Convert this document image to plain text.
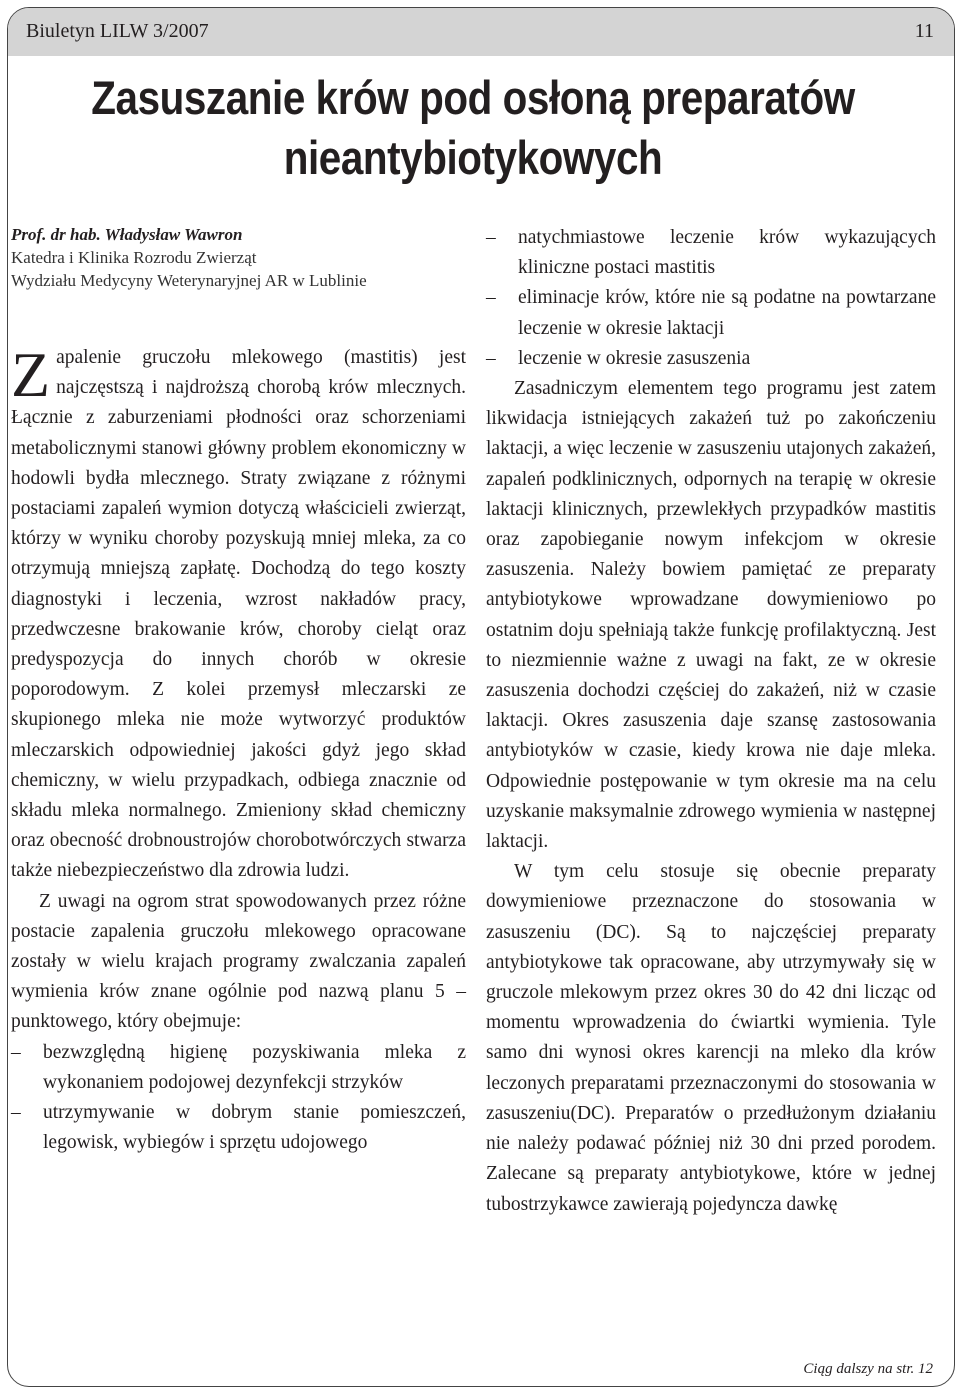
Biuletyn LILW 3/2007	11
Zasuszanie krów pod osłoną preparatów nieantybiotykowych
Prof. dr hab. Władysław Wawron
Katedra i Klinika Rozrodu Zwierząt
Wydziału Medycyny Weterynaryjnej AR w Lublinie

Zapalenie gruczołu mlekowego (mastitis) jest najczęstszą i najdroższą chorobą krów mlecznych. Łącznie z zaburzeniami płodności oraz schorzeniami metabolicznymi stanowi główny problem ekonomiczny w hodowli bydła mlecznego. Straty związane z różnymi postaciami zapaleń wymion dotyczą właścicieli zwierząt, którzy w wyniku choroby pozyskują mniej mleka, za co otrzymują mniejszą zapłatę. Dochodzą do tego koszty diagnostyki i leczenia, wzrost nakładów pracy, przedwczesne brakowanie krów, choroby cieląt oraz predyspozycja do innych chorób w okresie poporodowym. Z kolei przemysł mleczarski ze skupionego mleka nie może wytworzyć produktów mleczarskich odpowiedniej jakości gdyż jego skład chemiczny, w wielu przypadkach, odbiega znacznie od składu mleka normalnego. Zmieniony skład chemiczny oraz obecność drobnoustrojów chorobotwórczych stwarza także niebezpieczeństwo dla zdrowia ludzi.

Z uwagi na ogrom strat spowodowanych przez różne postacie zapalenia gruczołu mlekowego opracowane zostały w wielu krajach programy zwalczania zapaleń wymienia krów znane ogólnie pod nazwą planu 5 – punktowego, który obejmuje:

–	bezwzględną higienę pozyskiwania mleka z wykonaniem podojowej dezynfekcji strzyków
–	utrzymywanie w dobrym stanie pomieszczeń, legowisk, wybiegów i sprzętu udojowego
–	natychmiastowe leczenie krów wykazujących kliniczne postaci mastitis
–	eliminacje krów, które nie są podatne na powtarzane leczenie w okresie laktacji
–	leczenie w okresie zasuszenia

Zasadniczym elementem tego programu jest zatem likwidacja istniejących zakażeń tuż po zakończeniu laktacji, a więc leczenie w zasuszeniu utajonych zakażeń, zapaleń podklinicznych, odpornych na terapię w okresie laktacji klinicznych, przewlekłych przypadków mastitis oraz zapobieganie nowym infekcjom w okresie zasuszenia. Należy bowiem pamiętać ze preparaty antybiotykowe wprowadzane dowymieniowo po ostatnim doju spełniają także funkcję profilaktyczną. Jest to niezmiennie ważne z uwagi na fakt, ze w okresie zasuszenia dochodzi częściej do zakażeń, niż w czasie laktacji. Okres zasuszenia daje szansę zastosowania antybiotyków w czasie, kiedy krowa nie daje mleka. Odpowiednie postępowanie w tym okresie ma na celu uzyskanie maksymalnie zdrowego wymienia w następnej laktacji.

W tym celu stosuje się obecnie preparaty dowymieniowe przeznaczone do stosowania w zasuszeniu (DC). Są to najczęściej preparaty antybiotykowe tak opracowane, aby utrzymywały się w gruczole mlekowym przez okres 30 do 42 dni licząc od momentu wprowadzenia do ćwiartki wymienia. Tyle samo dni wynosi okres karencji na mleko dla krów leczonych preparatami przeznaczonymi do stosowania w zasuszeniu(DC). Preparatów o przedłużonym działaniu nie należy podawać później niż 30 dni przed porodem. Zalecane są preparaty antybiotykowe, które w jednej tubostrzykawce zawierają pojedyncza dawkę

Ciąg dalszy na str. 12
